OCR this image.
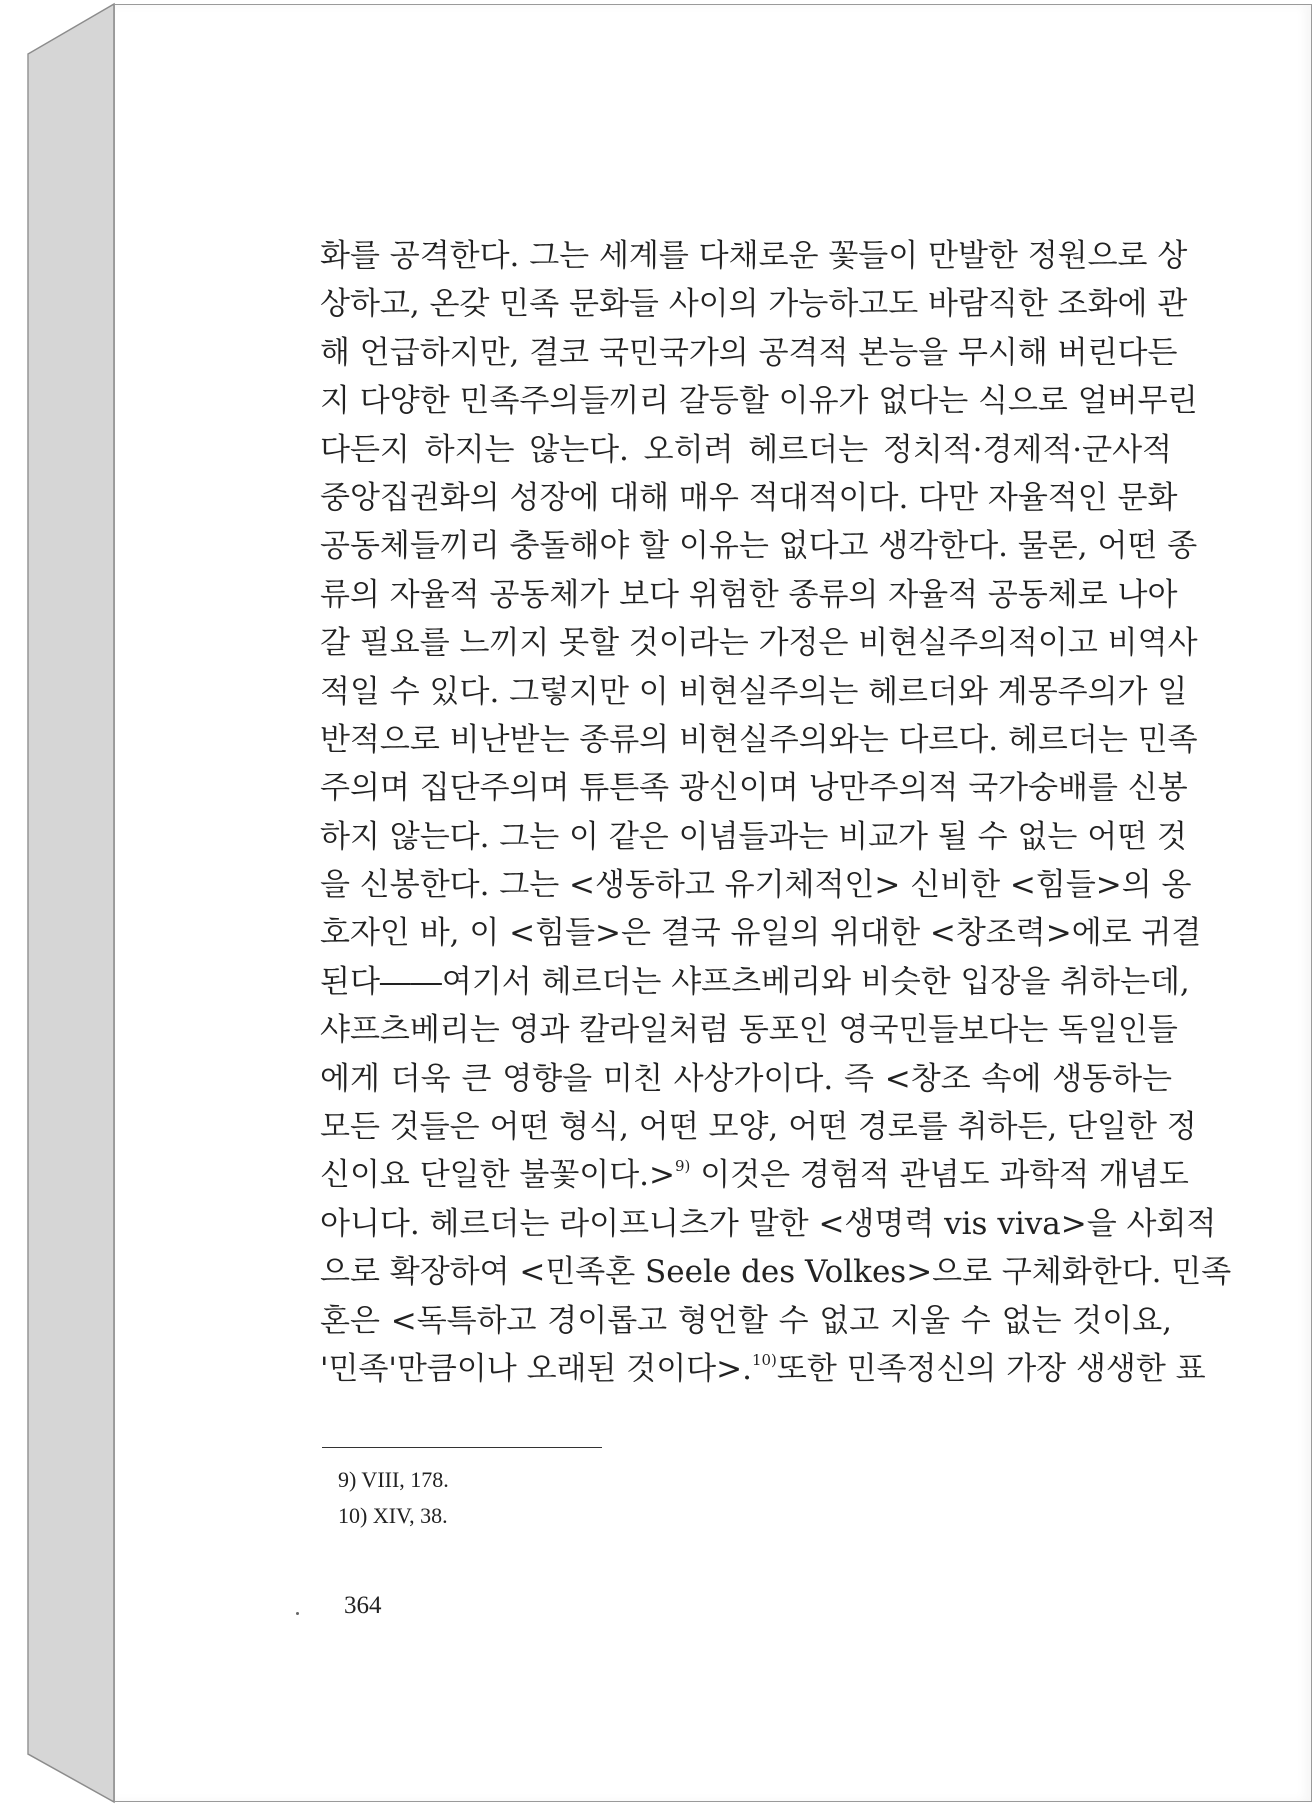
화를 공격한다. 그는 세계를 다채로운 꽃들이 만발한 정원으로 상
상하고, 온갖 민족 문화들 사이의 가능하고도 바람직한 조화에 관
해 언급하지만, 결코 국민국가의 공격적 본능을 무시해 버린다든
지 다양한 민족주의들끼리 갈등할 이유가 없다는 식으로 얼버무린
다든지 하지는 않는다. 오히려 헤르더는 정치적·경제적·군사적
중앙집권화의 성장에 대해 매우 적대적이다. 다만 자율적인 문화
공동체들끼리 충돌해야 할 이유는 없다고 생각한다. 물론, 어떤 종
류의 자율적 공동체가 보다 위험한 종류의 자율적 공동체로 나아
갈 필요를 느끼지 못할 것이라는 가정은 비현실주의적이고 비역사
적일 수 있다. 그렇지만 이 비현실주의는 헤르더와 계몽주의가 일
반적으로 비난받는 종류의 비현실주의와는 다르다. 헤르더는 민족
주의며 집단주의며 튜튼족 광신이며 낭만주의적 국가숭배를 신봉
하지 않는다. 그는 이 같은 이념들과는 비교가 될 수 없는 어떤 것
을 신봉한다. 그는 <생동하고 유기체적인> 신비한 <힘들>의 옹
호자인 바, 이 <힘들>은 결국 유일의 위대한 <창조력>에로 귀결
된다――여기서 헤르더는 샤프츠베리와 비슷한 입장을 취하는데,
샤프츠베리는 영과 칼라일처럼 동포인 영국민들보다는 독일인들
에게 더욱 큰 영향을 미친 사상가이다. 즉 <창조 속에 생동하는
모든 것들은 어떤 형식, 어떤 모양, 어떤 경로를 취하든, 단일한 정
신이요 단일한 불꽃이다.>$^{9)}$ 이것은 경험적 관념도 과학적 개념도
아니다. 헤르더는 라이프니츠가 말한 <생명력 vis viva>을 사회적
으로 확장하여 <민족혼 Seele des Volkes>으로 구체화한다. 민족
혼은 <독특하고 경이롭고 형언할 수 없고 지울 수 없는 것이요,
'민족'만큼이나 오래된 것이다>.$^{10)}$또한 민족정신의 가장 생생한 표
9) VIII, 178.
10) XIV, 38.
364
